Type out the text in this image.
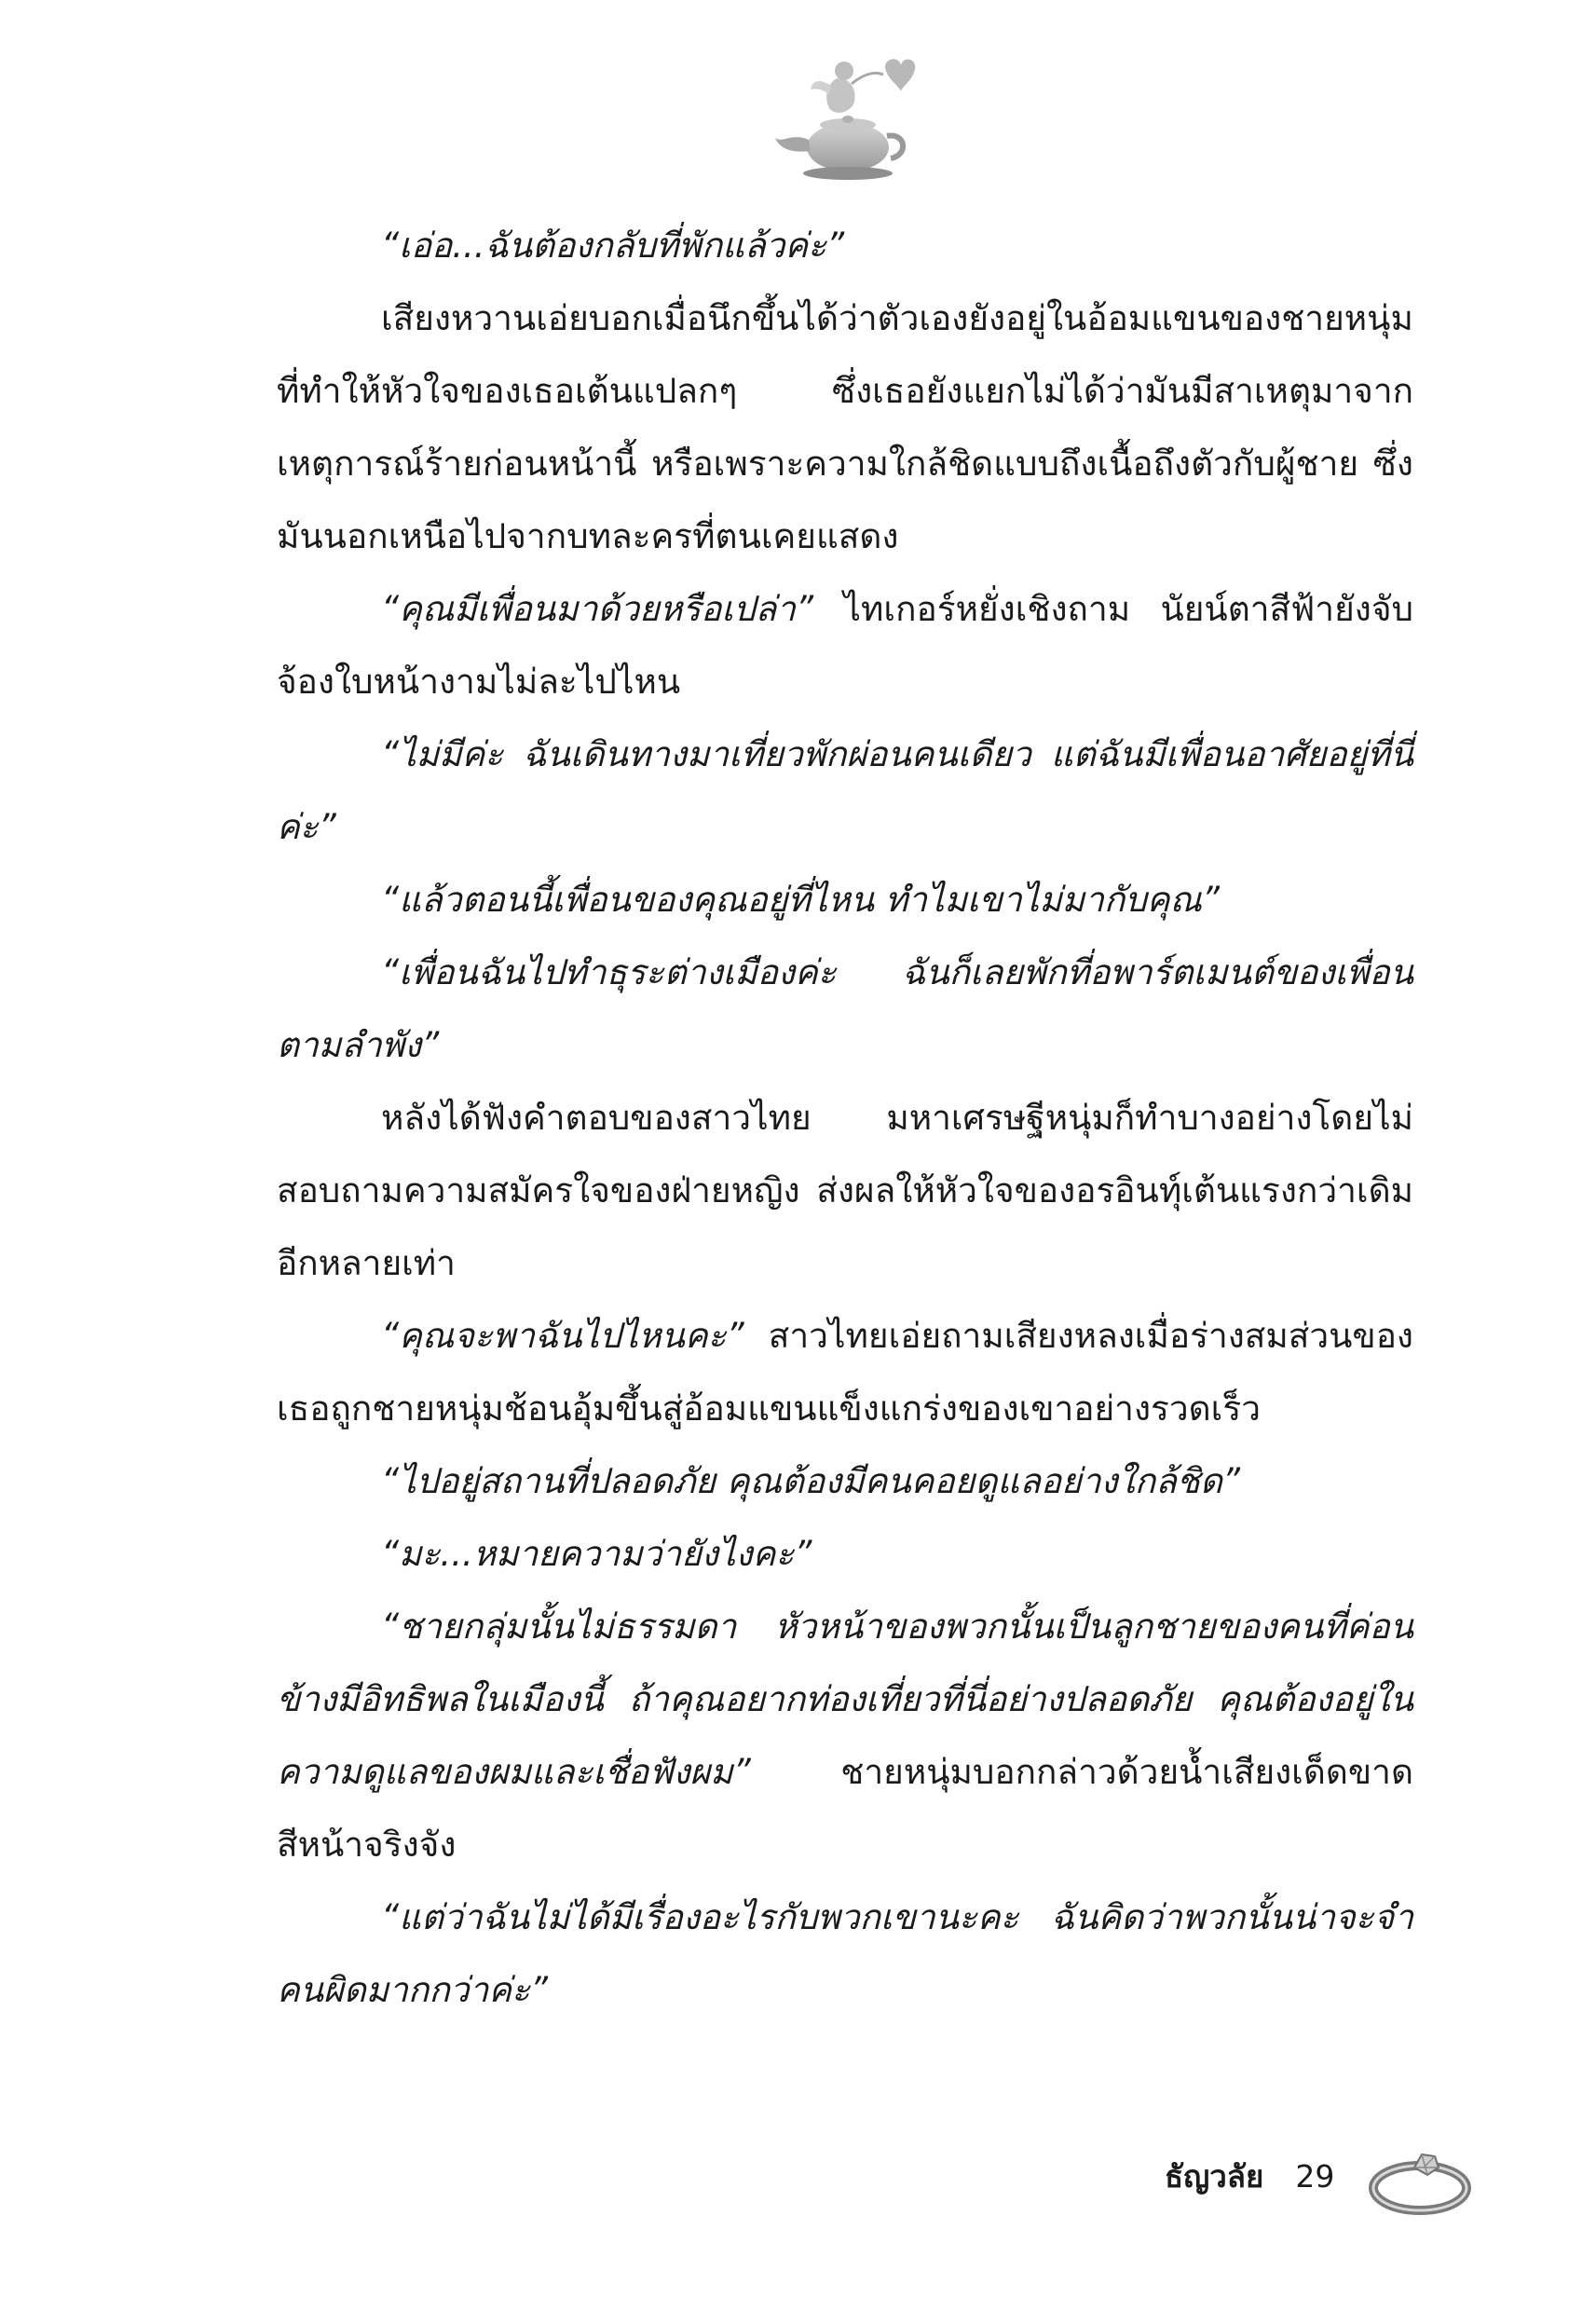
“เอ่อ...ฉันต้องกลับที่พักแล้วค่ะ”

เสียงหวานเอ่ยบอกเมื่อนึกขึ้นได้ว่าตัวเองยังอยู่ในอ้อมแขนของชายหนุ่มที่ทำให้หัวใจของเธอเต้นแปลกๆ ซึ่งเธอยังแยกไม่ได้ว่ามันมีสาเหตุมาจากเหตุการณ์ร้ายก่อนหน้านี้ หรือเพราะความใกล้ชิดแบบถึงเนื้อถึงตัวกับผู้ชาย ซึ่งมันนอกเหนือไปจากบทละครที่ตนเคยแสดง

“คุณมีเพื่อนมาด้วยหรือเปล่า” ไทเกอร์หยั่งเชิงถาม นัยน์ตาสีฟ้ายังจับจ้องใบหน้างามไม่ละไปไหน

“ไม่มีค่ะ ฉันเดินทางมาเที่ยวพักผ่อนคนเดียว แต่ฉันมีเพื่อนอาศัยอยู่ที่นี่ค่ะ”

“แล้วตอนนี้เพื่อนของคุณอยู่ที่ไหน ทำไมเขาไม่มากับคุณ”

“เพื่อนฉันไปทำธุระต่างเมืองค่ะ ฉันก็เลยพักที่อพาร์ตเมนต์ของเพื่อนตามลำพัง”

หลังได้ฟังคำตอบของสาวไทย มหาเศรษฐีหนุ่มก็ทำบางอย่างโดยไม่สอบถามความสมัครใจของฝ่ายหญิง ส่งผลให้หัวใจของอรอินทุ์เต้นแรงกว่าเดิมอีกหลายเท่า

“คุณจะพาฉันไปไหนคะ” สาวไทยเอ่ยถามเสียงหลงเมื่อร่างสมส่วนของเธอถูกชายหนุ่มช้อนอุ้มขึ้นสู่อ้อมแขนแข็งแกร่งของเขาอย่างรวดเร็ว

“ไปอยู่สถานที่ปลอดภัย คุณต้องมีคนคอยดูแลอย่างใกล้ชิด”

“มะ...หมายความว่ายังไงคะ”

“ชายกลุ่มนั้นไม่ธรรมดา หัวหน้าของพวกนั้นเป็นลูกชายของคนที่ค่อนข้างมีอิทธิพลในเมืองนี้ ถ้าคุณอยากท่องเที่ยวที่นี่อย่างปลอดภัย คุณต้องอยู่ในความดูแลของผมและเชื่อฟังผม” ชายหนุ่มบอกกล่าวด้วยน้ำเสียงเด็ดขาด สีหน้าจริงจัง

“แต่ว่าฉันไม่ได้มีเรื่องอะไรกับพวกเขานะคะ ฉันคิดว่าพวกนั้นน่าจะจำคนผิดมากกว่าค่ะ”

ธัญวลัย 29
